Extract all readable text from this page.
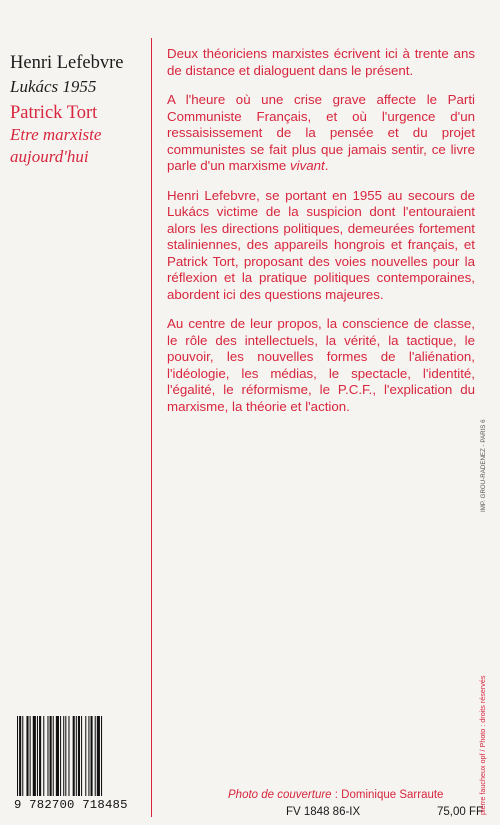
Henri Lefebvre

Lukács 1955

Patrick Tort

Etre marxiste

aujourd'hui

Deux théoriciens marxistes écrivent ici à trente ans de distance et dialoguent dans le présent.

A l'heure où une crise grave affecte le Parti Communiste Français, et où l'urgence d'un ressaisissement de la pensée et du projet communistes se fait plus que jamais sentir, ce livre parle d'un marxisme vivant.

Henri Lefebvre, se portant en 1955 au secours de Lukács victime de la suspicion dont l'entouraient alors les directions politiques, demeurées fortement staliniennes, des appareils hongrois et français, et Patrick Tort, proposant des voies nouvelles pour la réflexion et la pratique politiques contemporaines, abordent ici des questions majeures.

Au centre de leur propos, la conscience de classe, le rôle des intellectuels, la vérité, la tactique, le pouvoir, les nouvelles formes de l'aliénation, l'idéologie, les médias, le spectacle, l'identité, l'égalité, le réformisme, le P.C.F., l'explication du marxisme, la théorie et l'action.

9 782700 718485
Photo de couverture : Dominique Sarraute
FV 1848 86-IX	75,00 FF
pierre faucheux opf / Photo : droits réservés
IMP. GROU-RADENEZ - PARIS 6
